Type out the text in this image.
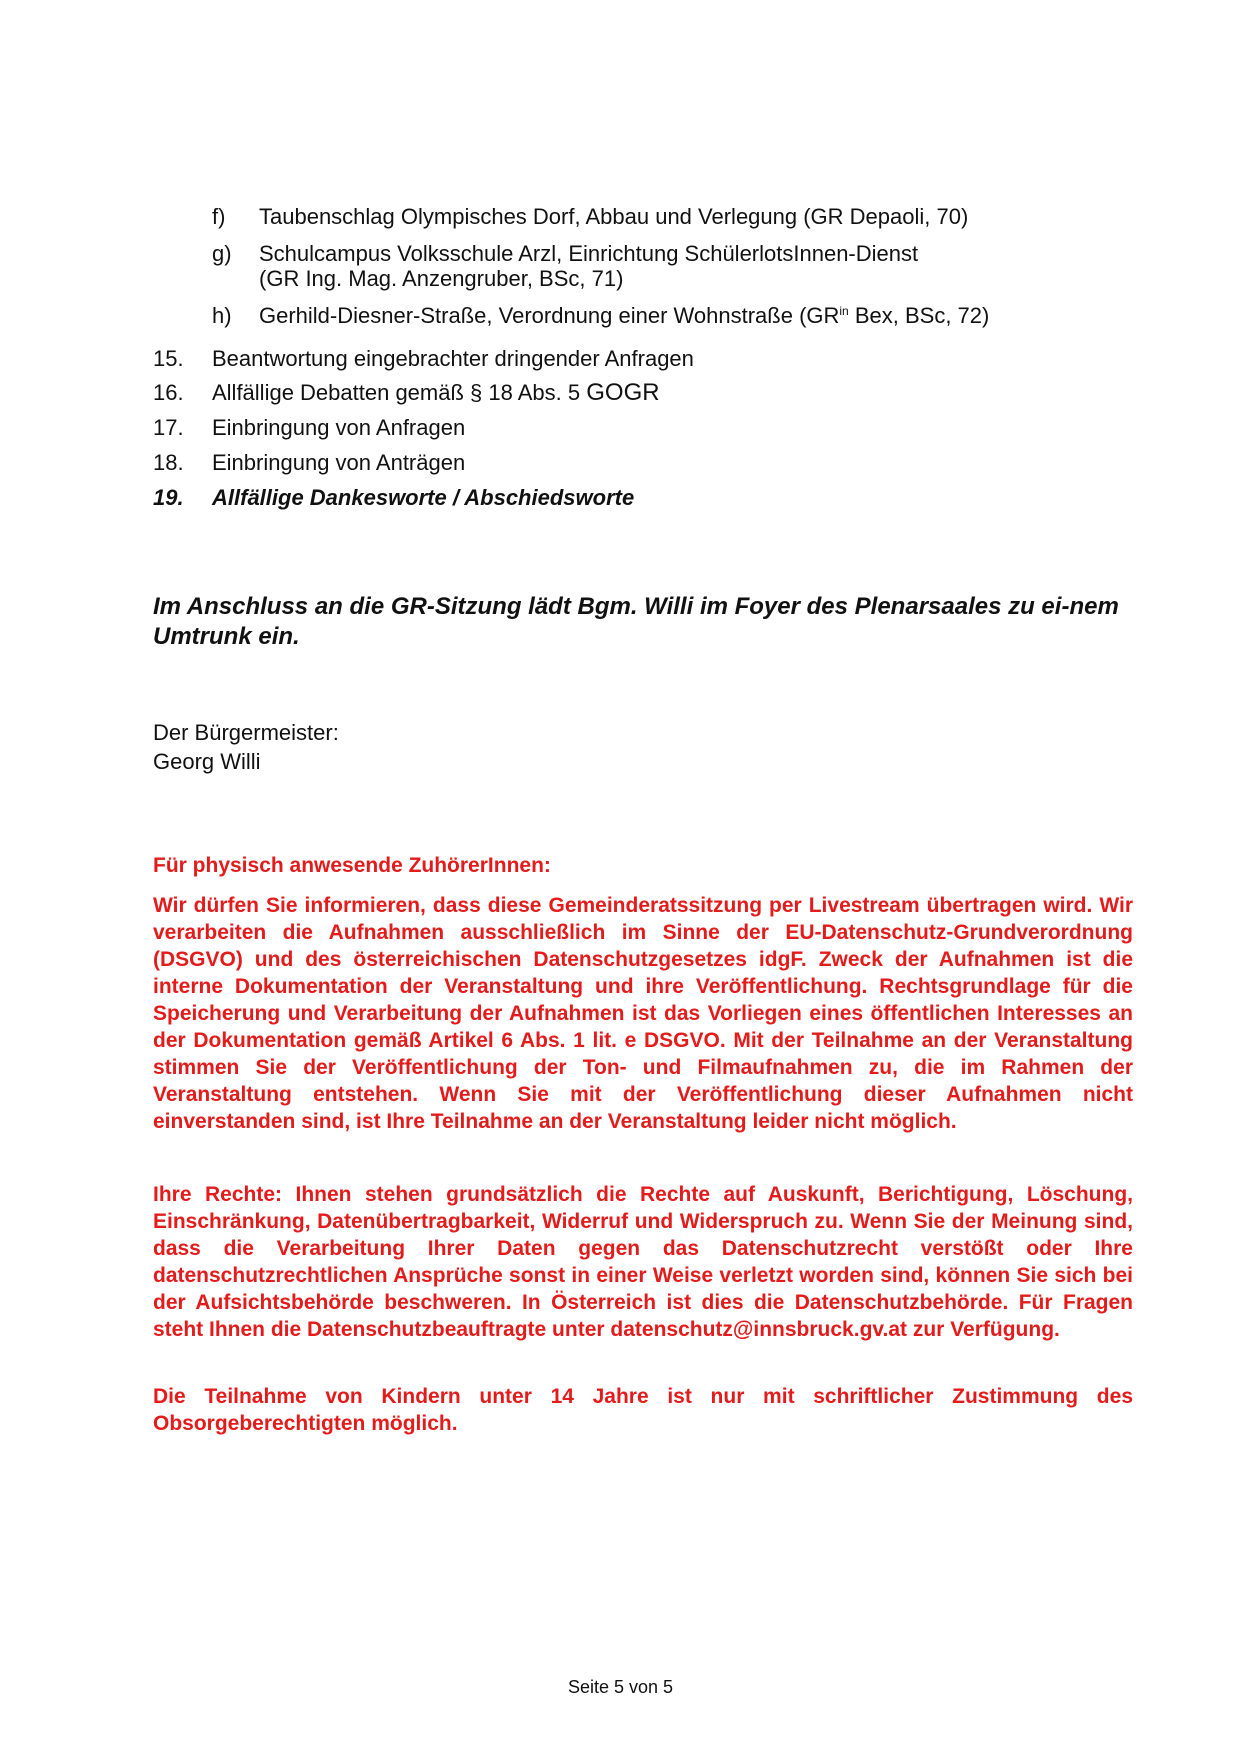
f) Taubenschlag Olympisches Dorf, Abbau und Verlegung (GR Depaoli, 70)
g) Schulcampus Volksschule Arzl, Einrichtung SchülerlotsInnen-Dienst
(GR Ing. Mag. Anzengruber, BSc, 71)
h) Gerhild-Diesner-Straße, Verordnung einer Wohnstraße ($GR^{in}$ Bex, BSc, 72)
15. Beantwortung eingebrachter dringender Anfragen
16. Allfällige Debatten gemäß § 18 Abs. 5 GOGR
17. Einbringung von Anfragen
18. Einbringung von Anträgen
19. Allfällige Dankesworte / Abschiedsworte
Im Anschluss an die GR-Sitzung lädt Bgm. Willi im Foyer des Plenarsaales zu ei-nem Umtrunk ein.
Der Bürgermeister:
Georg Willi

Für physisch anwesende ZuhörerInnen:

Wir dürfen Sie informieren, dass diese Gemeinderatssitzung per Livestream übertragen wird. Wir verarbeiten die Aufnahmen ausschließlich im Sinne der EU-Datenschutz-Grundverordnung (DSGVO) und des österreichischen Datenschutzgesetzes idgF. Zweck der Aufnahmen ist die interne Dokumentation der Veranstaltung und ihre Veröffentlichung. Rechtsgrundlage für die Speicherung und Verarbeitung der Aufnahmen ist das Vorliegen eines öffentlichen Interesses an der Dokumentation gemäß Artikel 6 Abs. 1 lit. e DSGVO. Mit der Teilnahme an der Veranstaltung stimmen Sie der Veröffentlichung der Ton- und Filmaufnahmen zu, die im Rahmen der Veranstaltung entstehen. Wenn Sie mit der Veröffentlichung dieser Aufnahmen nicht einverstanden sind, ist Ihre Teilnahme an der Veranstaltung leider nicht möglich.

Ihre Rechte: Ihnen stehen grundsätzlich die Rechte auf Auskunft, Berichtigung, Löschung, Einschränkung, Datenübertragbarkeit, Widerruf und Widerspruch zu. Wenn Sie der Meinung sind, dass die Verarbeitung Ihrer Daten gegen das Datenschutzrecht verstößt oder Ihre datenschutzrechtlichen Ansprüche sonst in einer Weise verletzt worden sind, können Sie sich bei der Aufsichtsbehörde beschweren. In Österreich ist dies die Datenschutzbehörde. Für Fragen steht Ihnen die Datenschutzbeauftragte unter datenschutz@innsbruck.gv.at zur Verfügung.

Die Teilnahme von Kindern unter 14 Jahre ist nur mit schriftlicher Zustimmung des Obsorgeberechtigten möglich.

Seite 5 von 5
